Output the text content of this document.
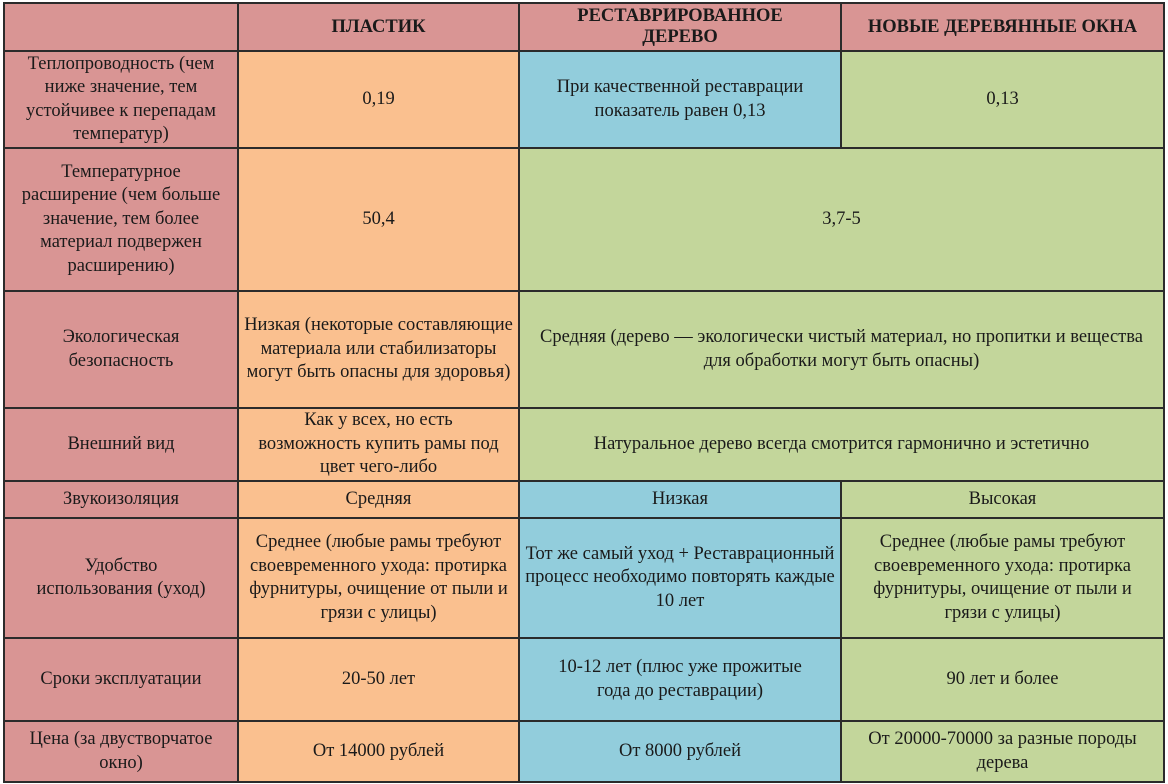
	ПЛАСТИК	РЕСТАВРИРОВАННОЕ ДЕРЕВО	НОВЫЕ ДЕРЕВЯННЫЕ ОКНА
Теплопроводность (чем ниже значение, тем устойчивее к перепадам температур)	0,19	При качественной реставрации показатель равен 0,13	0,13
Температурное расширение (чем больше значение, тем более материал подвержен расширению)	50,4	3,7-5	
Экологическая безопасность	Низкая (некоторые составляющие материала или стабилизаторы могут быть опасны для здоровья)	Средняя (дерево — экологически чистый материал, но пропитки и вещества для обработки могут быть опасны)	
Внешний вид	Как у всех, но есть возможность купить рамы под цвет чего-либо	Натуральное дерево всегда смотрится гармонично и эстетично	
Звукоизоляция	Средняя	Низкая	Высокая
Удобство использования (уход)	Среднее (любые рамы требуют своевременного ухода: протирка фурнитуры, очищение от пыли и грязи с улицы)	Тот же самый уход + Реставрационный процесс необходимо повторять каждые 10 лет	Среднее (любые рамы требуют своевременного ухода: протирка фурнитуры, очищение от пыли и грязи с улицы)
Сроки эксплуатации	20-50 лет	10-12 лет (плюс уже прожитые года до реставрации)	90 лет и более
Цена (за двустворчатое окно)	От 14000 рублей	От 8000 рублей	От 20000-70000 за разные породы дерева
